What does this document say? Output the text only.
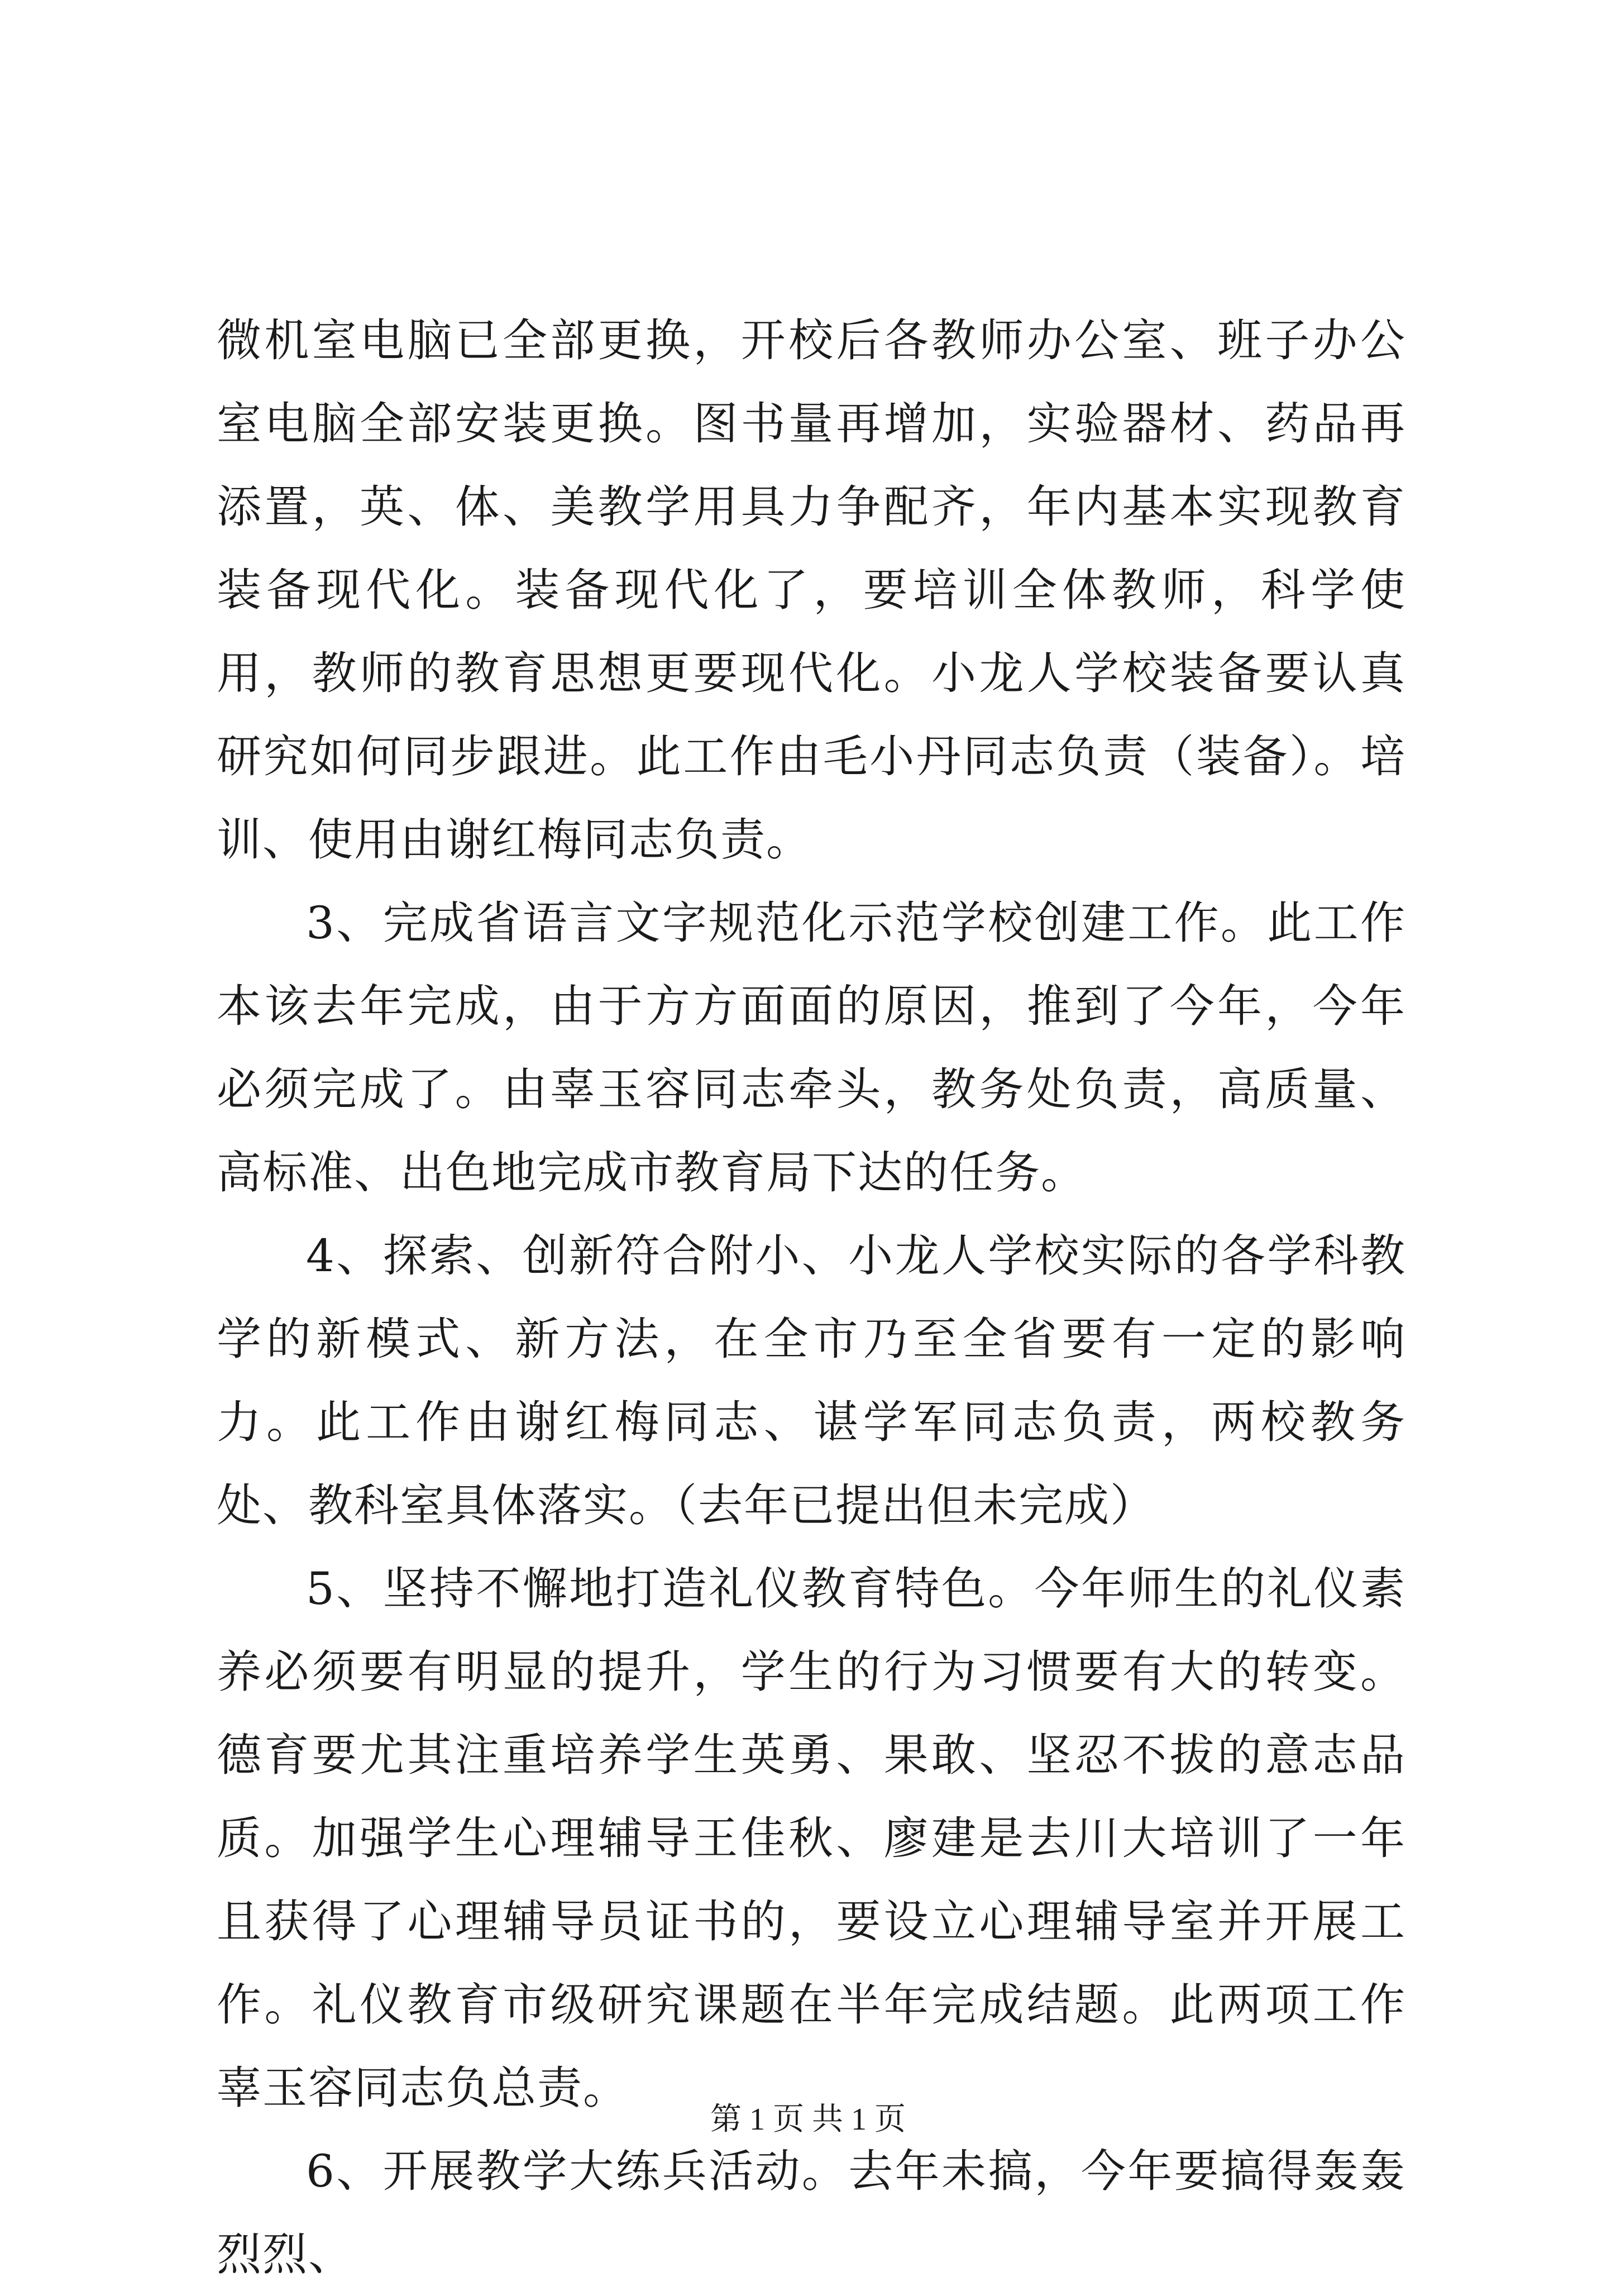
微机室电脑已全部更换，开校后各教师办公室、班子办公室电脑全部安装更换。图书量再增加，实验器材、药品再添置，英、体、美教学用具力争配齐，年内基本实现教育装备现代化。装备现代化了，要培训全体教师，科学使用，教师的教育思想更要现代化。小龙人学校装备要认真研究如何同步跟进。此工作由毛小丹同志负责（装备）。培训、使用由谢红梅同志负责。

3、完成省语言文字规范化示范学校创建工作。此工作本该去年完成，由于方方面面的原因，推到了今年，今年必须完成了。由辜玉容同志牵头，教务处负责，高质量、高标准、出色地完成市教育局下达的任务。

4、探索、创新符合附小、小龙人学校实际的各学科教学的新模式、新方法，在全市乃至全省要有一定的影响力。此工作由谢红梅同志、谌学军同志负责，两校教务处、教科室具体落实。（去年已提出但未完成）

5、坚持不懈地打造礼仪教育特色。今年师生的礼仪素养必须要有明显的提升，学生的行为习惯要有大的转变。德育要尤其注重培养学生英勇、果敢、坚忍不拔的意志品质。加强学生心理辅导王佳秋、廖建是去川大培训了一年且获得了心理辅导员证书的，要设立心理辅导室并开展工作。礼仪教育市级研究课题在半年完成结题。此两项工作辜玉容同志负总责。

6、开展教学大练兵活动。去年未搞，今年要搞得轰轰烈烈、

第 1 页 共 1 页
